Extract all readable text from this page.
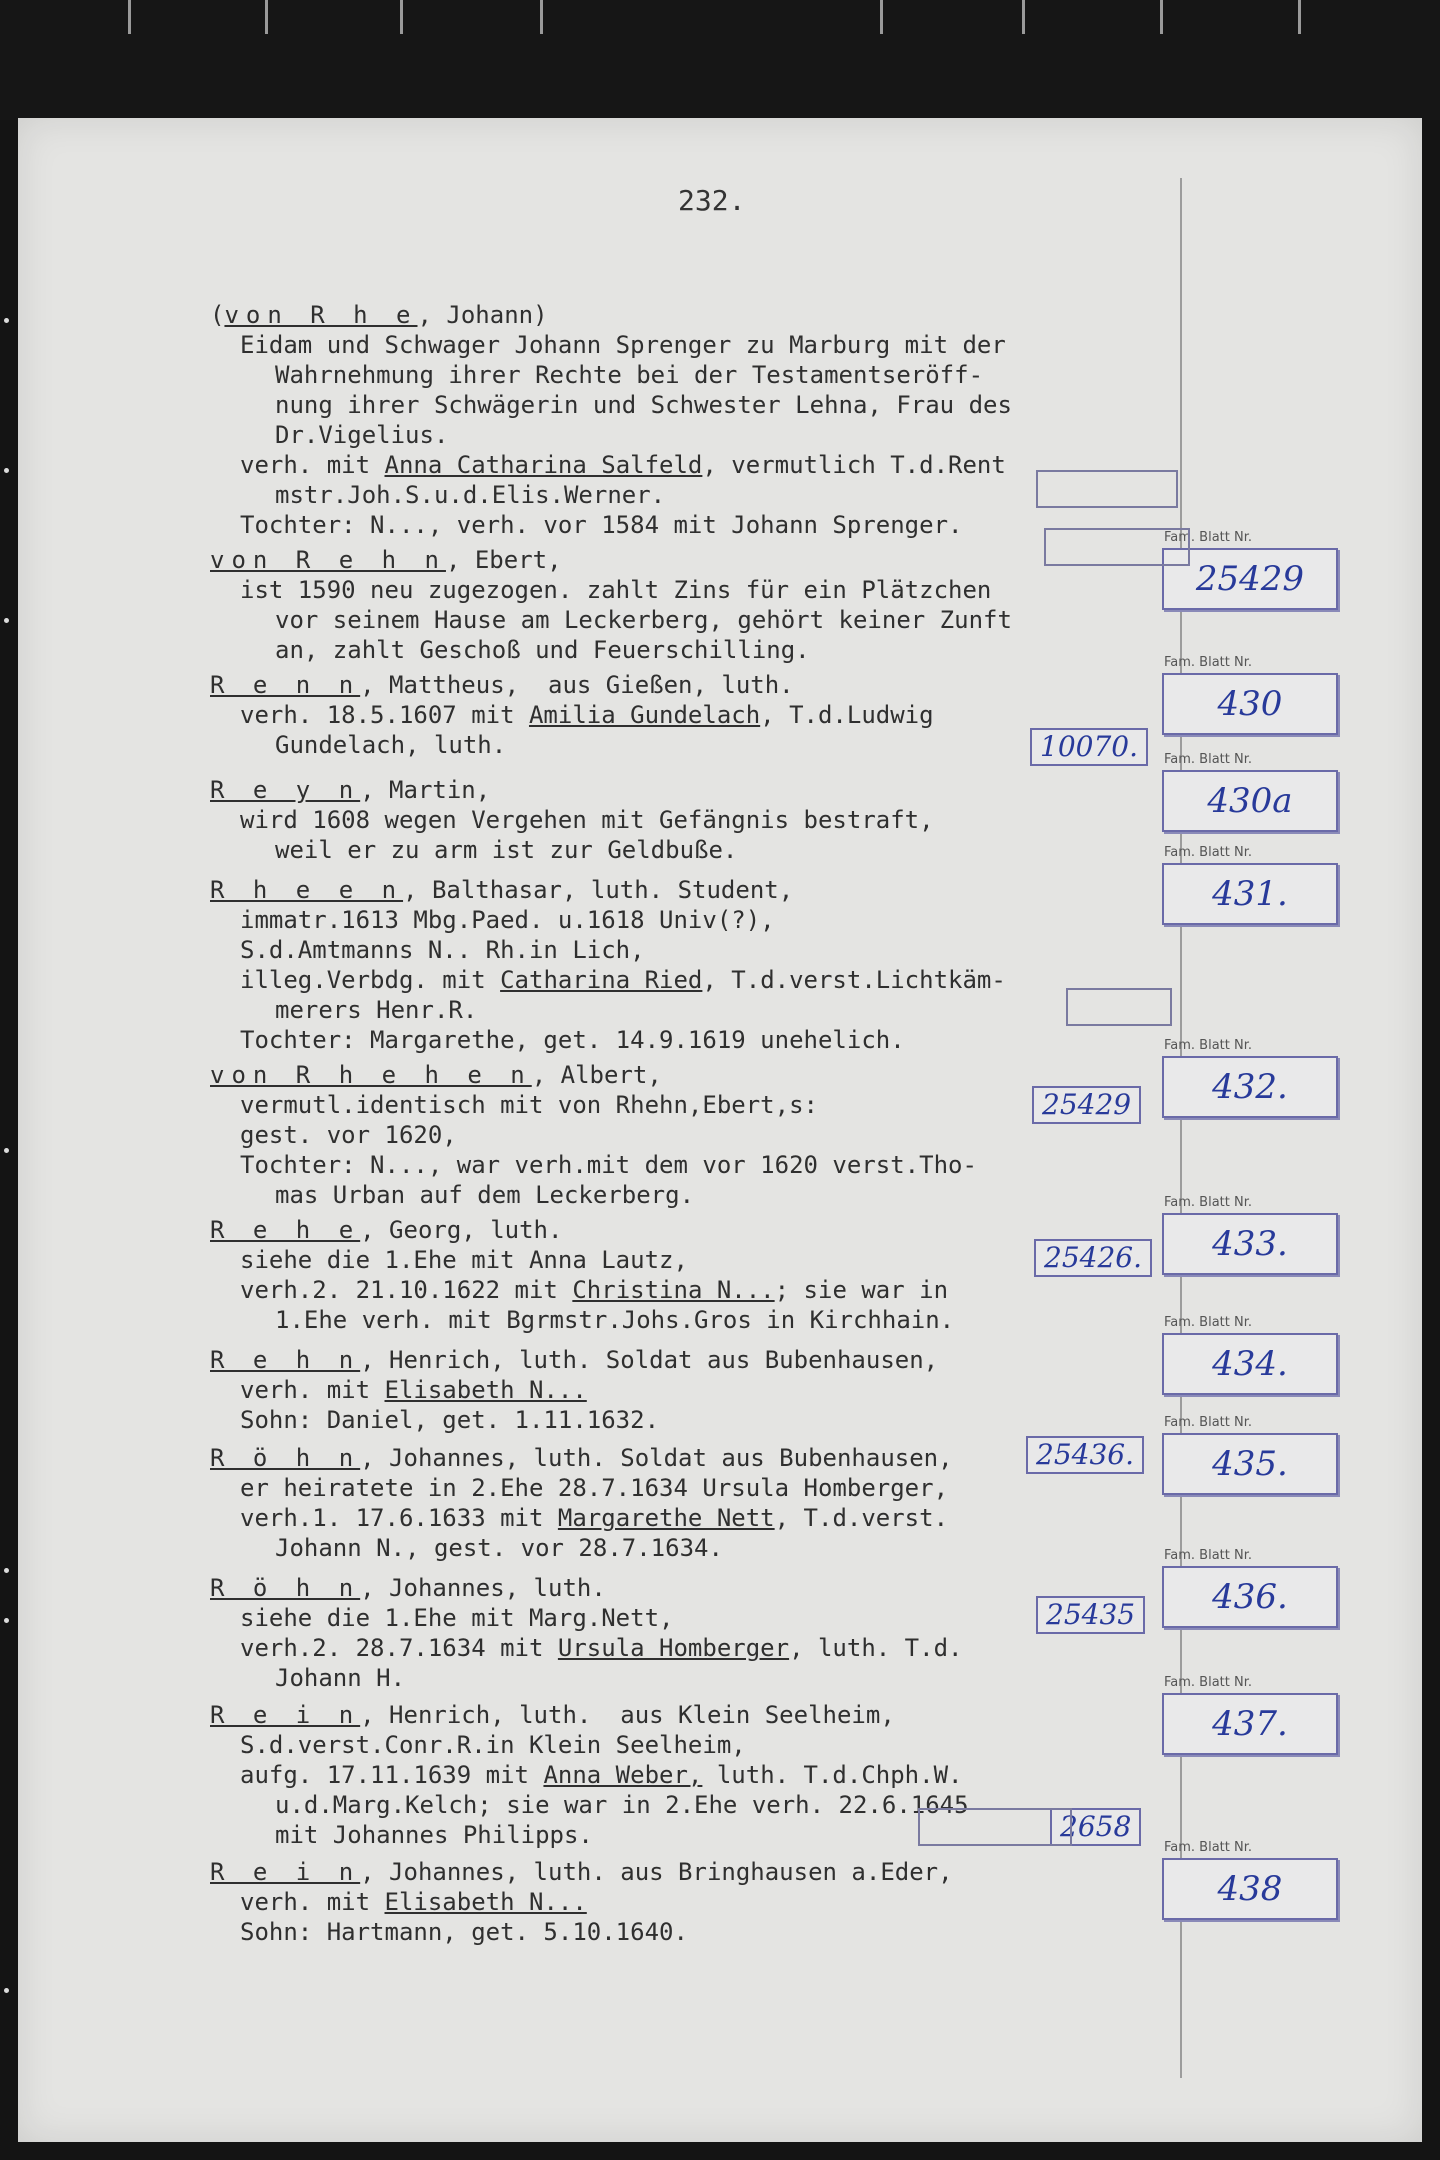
232.
(von R h e, Johann)
Eidam und Schwager Johann Sprenger zu Marburg mit der
Wahrnehmung ihrer Rechte bei der Testamentseröff-
nung ihrer Schwägerin und Schwester Lehna, Frau des
Dr.Vigelius.
verh. mit Anna Catharina Salfeld, vermutlich T.d.Rent
mstr.Joh.S.u.d.Elis.Werner.
Tochter: N..., verh. vor 1584 mit Johann Sprenger.
von R e h n, Ebert,
ist 1590 neu zugezogen. zahlt Zins für ein Plätzchen
vor seinem Hause am Leckerberg, gehört keiner Zunft
an, zahlt Geschoß und Feuerschilling.
R e n n, Mattheus,  aus Gießen, luth.
verh. 18.5.1607 mit Amilia Gundelach, T.d.Ludwig
Gundelach, luth.
R e y n, Martin,
wird 1608 wegen Vergehen mit Gefängnis bestraft,
weil er zu arm ist zur Geldbuße.
R h e e n, Balthasar, luth. Student,
immatr.1613 Mbg.Paed. u.1618 Univ(?),
S.d.Amtmanns N.. Rh.in Lich,
illeg.Verbdg. mit Catharina Ried, T.d.verst.Lichtkäm-
merers Henr.R.
Tochter: Margarethe, get. 14.9.1619 unehelich.
von R h e h e n, Albert,
vermutl.identisch mit von Rhehn,Ebert,s:
gest. vor 1620,
Tochter: N..., war verh.mit dem vor 1620 verst.Tho-
mas Urban auf dem Leckerberg.
R e h e, Georg, luth.
siehe die 1.Ehe mit Anna Lautz,
verh.2. 21.10.1622 mit Christina N...; sie war in
1.Ehe verh. mit Bgrmstr.Johs.Gros in Kirchhain.
R e h n, Henrich, luth. Soldat aus Bubenhausen,
verh. mit Elisabeth N...
Sohn: Daniel, get. 1.11.1632.
R ö h n, Johannes, luth. Soldat aus Bubenhausen,
er heiratete in 2.Ehe 28.7.1634 Ursula Homberger,
verh.1. 17.6.1633 mit Margarethe Nett, T.d.verst.
Johann N., gest. vor 28.7.1634.
R ö h n, Johannes, luth.
siehe die 1.Ehe mit Marg.Nett,
verh.2. 28.7.1634 mit Ursula Homberger, luth. T.d.
Johann H.
R e i n, Henrich, luth.  aus Klein Seelheim,
S.d.verst.Conr.R.in Klein Seelheim,
aufg. 17.11.1639 mit Anna Weber, luth. T.d.Chph.W.
u.d.Marg.Kelch; sie war in 2.Ehe verh. 22.6.1645
mit Johannes Philipps.
R e i n, Johannes, luth. aus Bringhausen a.Eder,
verh. mit Elisabeth N...
Sohn: Hartmann, get. 5.10.1640.
Fam. Blatt Nr.
25429
Fam. Blatt Nr.
430
Fam. Blatt Nr.
430a
Fam. Blatt Nr.
431.
Fam. Blatt Nr.
432.
Fam. Blatt Nr.
433.
Fam. Blatt Nr.
434.
Fam. Blatt Nr.
435.
Fam. Blatt Nr.
436.
Fam. Blatt Nr.
437.
Fam. Blatt Nr.
438
10070.
25429
25426.
25436.
25435
2658
